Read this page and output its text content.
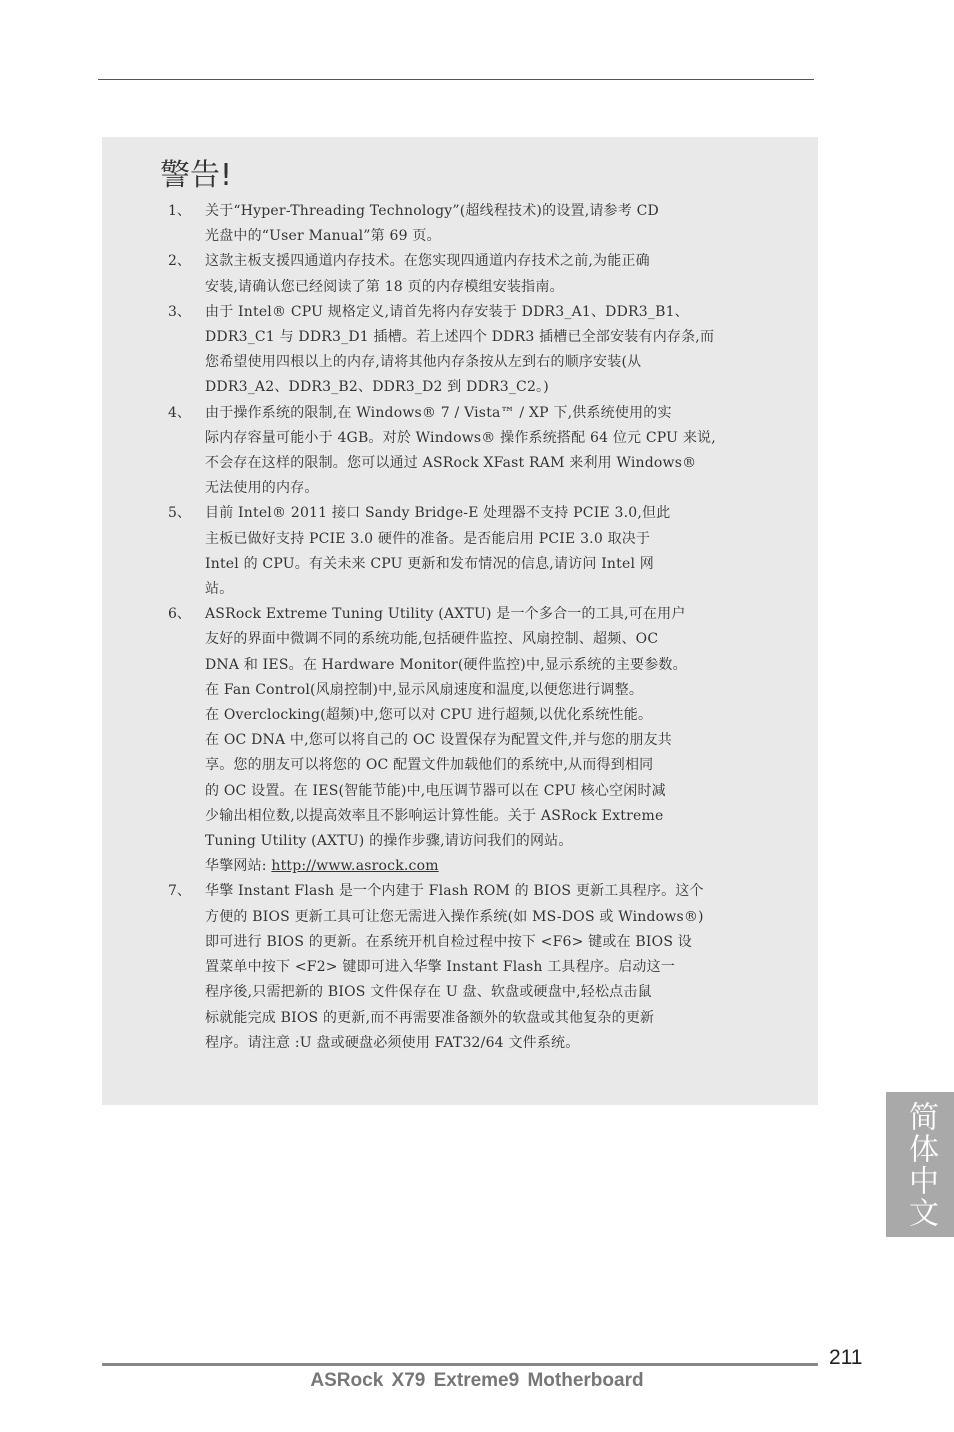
警告!
1、 关于“Hyper-Threading Technology”(超线程技术)的设置,请参考 CD

光盘中的“User Manual”第 69 页。

2、 这款主板支援四通道内存技术。在您实现四通道内存技术之前,为能正确

安装,请确认您已经阅读了第 18 页的内存模组安装指南。

3、 由于 Intel® CPU 规格定义,请首先将内存安装于 DDR3_A1、DDR3_B1、

DDR3_C1 与 DDR3_D1 插槽。若上述四个 DDR3 插槽已全部安装有内存条,而

您希望使用四根以上的内存,请将其他内存条按从左到右的顺序安装(从

DDR3_A2、DDR3_B2、DDR3_D2 到 DDR3_C2。)

4、 由于操作系统的限制,在 Windows® 7 / Vista™ / XP 下,供系统使用的实

际内存容量可能小于 4GB。对於 Windows® 操作系统搭配 64 位元 CPU 来说,

不会存在这样的限制。您可以通过 ASRock XFast RAM 来利用 Windows®

无法使用的内存。

5、 目前 Intel® 2011 接口 Sandy Bridge-E 处理器不支持 PCIE 3.0,但此

主板已做好支持 PCIE 3.0 硬件的准备。是否能启用 PCIE 3.0 取决于

Intel 的 CPU。有关未来 CPU 更新和发布情况的信息,请访问 Intel 网

站。

6、 ASRock Extreme Tuning Utility (AXTU) 是一个多合一的工具,可在用户

友好的界面中微调不同的系统功能,包括硬件监控、风扇控制、超频、OC

DNA 和 IES。在 Hardware Monitor(硬件监控)中,显示系统的主要参数。

在 Fan Control(风扇控制)中,显示风扇速度和温度,以便您进行调整。

在 Overclocking(超频)中,您可以对 CPU 进行超频,以优化系统性能。

在 OC DNA 中,您可以将自己的 OC 设置保存为配置文件,并与您的朋友共

享。您的朋友可以将您的 OC 配置文件加载他们的系统中,从而得到相同

的 OC 设置。在 IES(智能节能)中,电压调节器可以在 CPU 核心空闲时减

少输出相位数,以提高效率且不影响运计算性能。关于 ASRock Extreme

Tuning Utility (AXTU) 的操作步骤,请访问我们的网站。

华擎网站: http://www.asrock.com

7、 华擎 Instant Flash 是一个内建于 Flash ROM 的 BIOS 更新工具程序。这个

方便的 BIOS 更新工具可让您无需进入操作系统(如 MS-DOS 或 Windows®)

即可进行 BIOS 的更新。在系统开机自检过程中按下 <F6> 键或在 BIOS 设

置菜单中按下 <F2> 键即可进入华擎 Instant Flash 工具程序。启动这一

程序後,只需把新的 BIOS 文件保存在 U 盘、软盘或硬盘中,轻松点击鼠

标就能完成 BIOS 的更新,而不再需要准备额外的软盘或其他复杂的更新

程序。请注意 :U 盘或硬盘必须使用 FAT32/64 文件系统。

简体中文
211
ASRock X79 Extreme9 Motherboard
